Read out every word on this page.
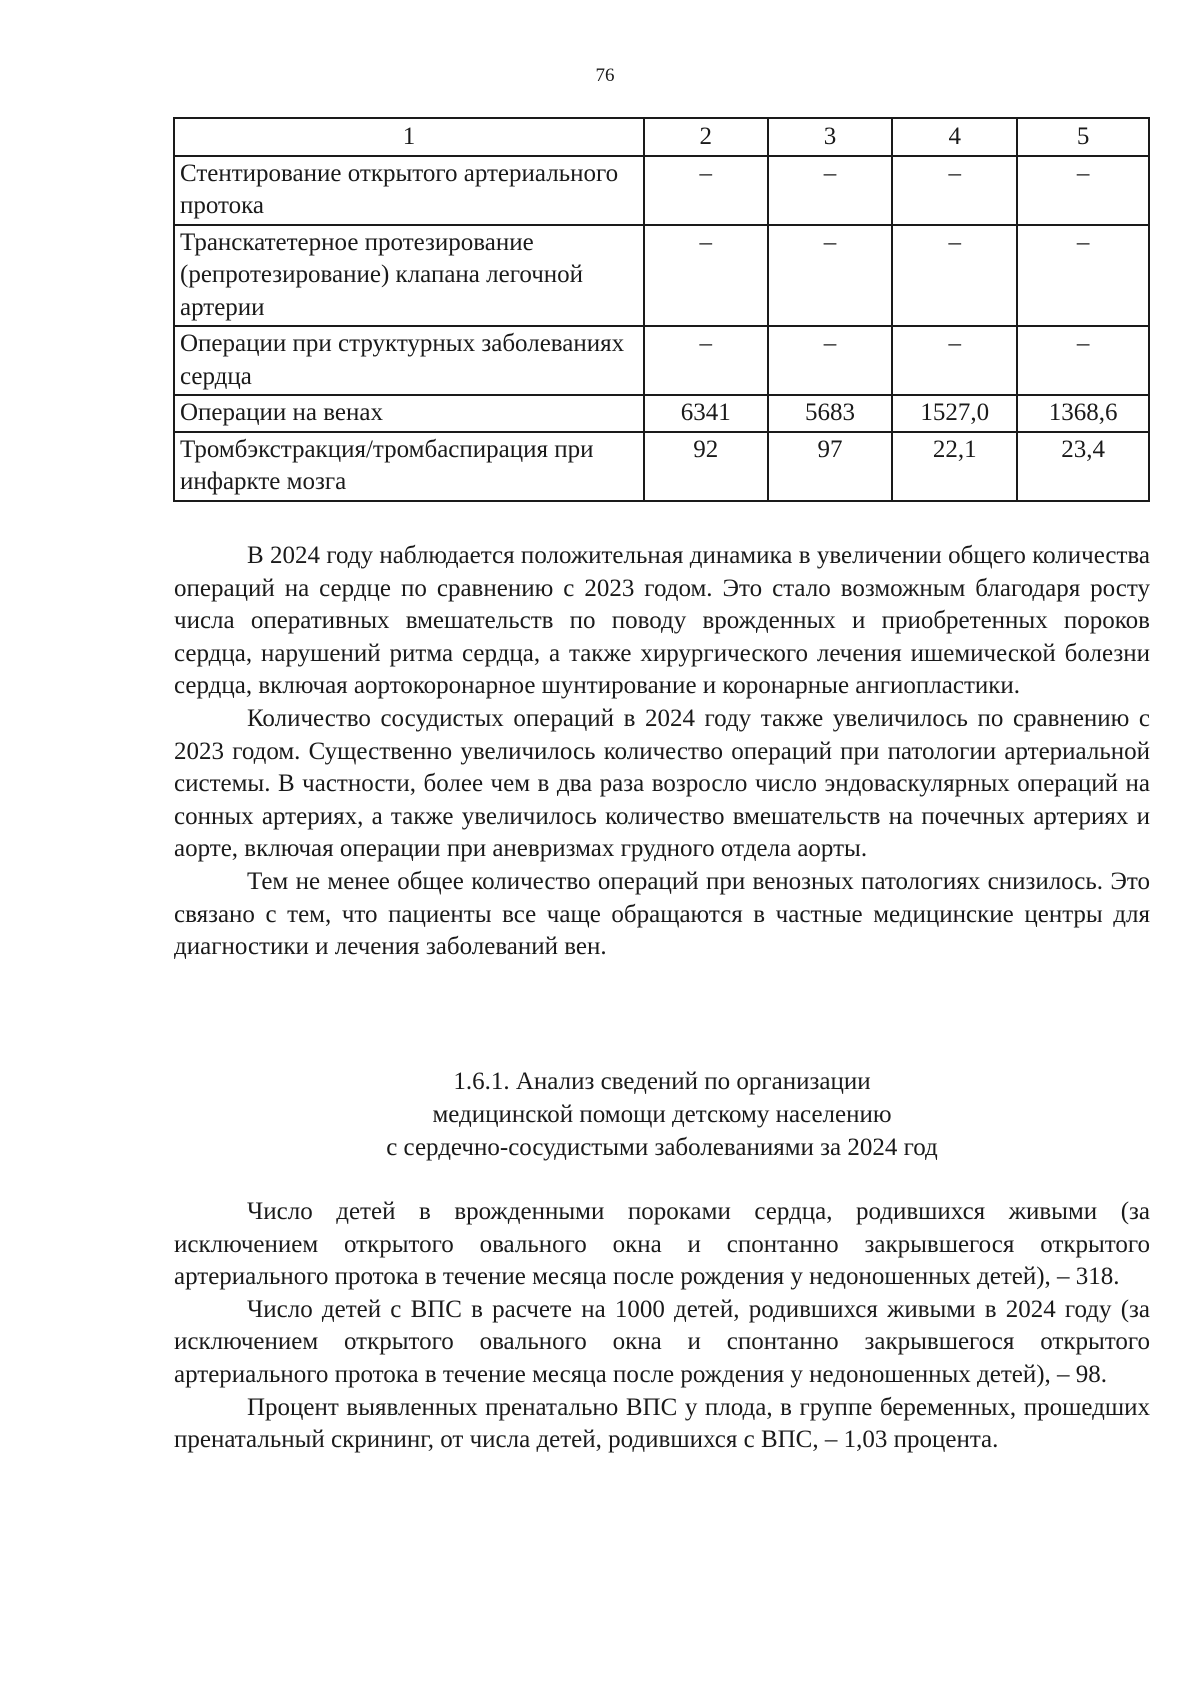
76
1	2	3	4	5
Стентирование открытого артериального протока	–	–	–	–
Транскатетерное протезирование (репротезирование) клапана легочной артерии	–	–	–	–
Операции при структурных заболеваниях сердца	–	–	–	–
Операции на венах	6341	5683	1527,0	1368,6
Тромбэкстракция/тромбаспирация при инфаркте мозга	92	97	22,1	23,4

В 2024 году наблюдается положительная динамика в увеличении общего количества операций на сердце по сравнению с 2023 годом. Это стало возможным благодаря росту числа оперативных вмешательств по поводу врожденных и приобретенных пороков сердца, нарушений ритма сердца, а также хирургического лечения ишемической болезни сердца, включая аортокоронарное шунтирование и коронарные ангиопластики.

Количество сосудистых операций в 2024 году также увеличилось по сравнению с 2023 годом. Существенно увеличилось количество операций при патологии артериальной системы. В частности, более чем в два раза возросло число эндоваскулярных операций на сонных артериях, а также увеличилось количество вмешательств на почечных артериях и аорте, включая операции при аневризмах грудного отдела аорты.

Тем не менее общее количество операций при венозных патологиях снизилось. Это связано с тем, что пациенты все чаще обращаются в частные медицинские центры для диагностики и лечения заболеваний вен.

1.6.1. Анализ сведений по организации
медицинской помощи детскому населению
с сердечно-сосудистыми заболеваниями за 2024 год

Число детей в врожденными пороками сердца, родившихся живыми (за исключением открытого овального окна и спонтанно закрывшегося открытого артериального протока в течение месяца после рождения у недоношенных детей), – 318.

Число детей с ВПС в расчете на 1000 детей, родившихся живыми в 2024 году (за исключением открытого овального окна и спонтанно закрывшегося открытого артериального протока в течение месяца после рождения у недоношенных детей), – 98.

Процент выявленных пренатально ВПС у плода, в группе беременных, прошедших пренатальный скрининг, от числа детей, родившихся с ВПС, – 1,03 процента.
